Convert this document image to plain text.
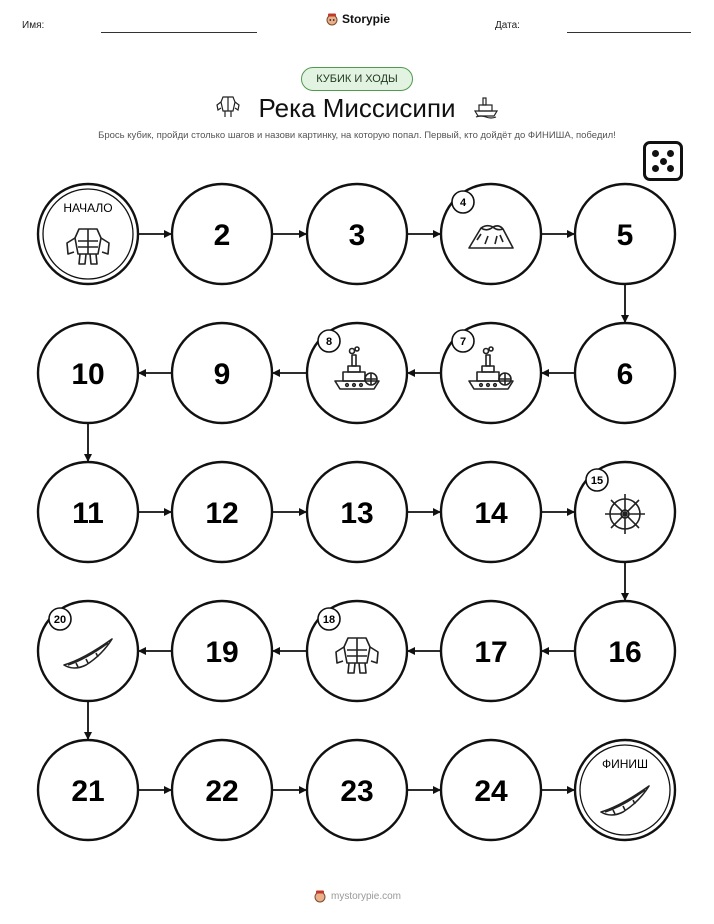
Имя:	Storypie	Дата:
КУБИК И ХОДЫ
Река Миссисипи
Брось кубик, пройди столько шагов и назови картинку, на которую попал. Первый, кто дойдёт до ФИНИША, победил!
НАЧАЛО
2	3
4
5
6
7
8
9
10
11	12	13	14
15
16
17
18
19
20
21	22	23	24
ФИНИШ
mystorypie.com
